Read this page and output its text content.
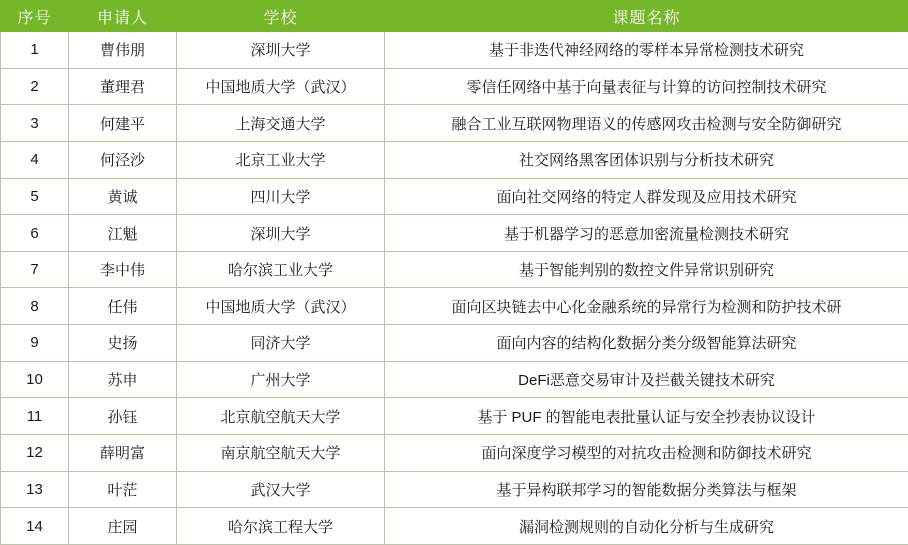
序号	申请人	学校	课题名称
1	曹伟朋	深圳大学	基于非迭代神经网络的零样本异常检测技术研究
2	董理君	中国地质大学（武汉）	零信任网络中基于向量表征与计算的访问控制技术研究
3	何建平	上海交通大学	融合工业互联网物理语义的传感网攻击检测与安全防御研究
4	何泾沙	北京工业大学	社交网络黑客团体识别与分析技术研究
5	黄诚	四川大学	面向社交网络的特定人群发现及应用技术研究
6	江魁	深圳大学	基于机器学习的恶意加密流量检测技术研究
7	李中伟	哈尔滨工业大学	基于智能判别的数控文件异常识别研究
8	任伟	中国地质大学（武汉）	面向区块链去中心化金融系统的异常行为检测和防护技术研
9	史扬	同济大学	面向内容的结构化数据分类分级智能算法研究
10	苏申	广州大学	DeFi恶意交易审计及拦截关键技术研究
11	孙钰	北京航空航天大学	基于 PUF 的智能电表批量认证与安全抄表协议设计
12	薛明富	南京航空航天大学	面向深度学习模型的对抗攻击检测和防御技术研究
13	叶茫	武汉大学	基于异构联邦学习的智能数据分类算法与框架
14	庄园	哈尔滨工程大学	漏洞检测规则的自动化分析与生成研究
